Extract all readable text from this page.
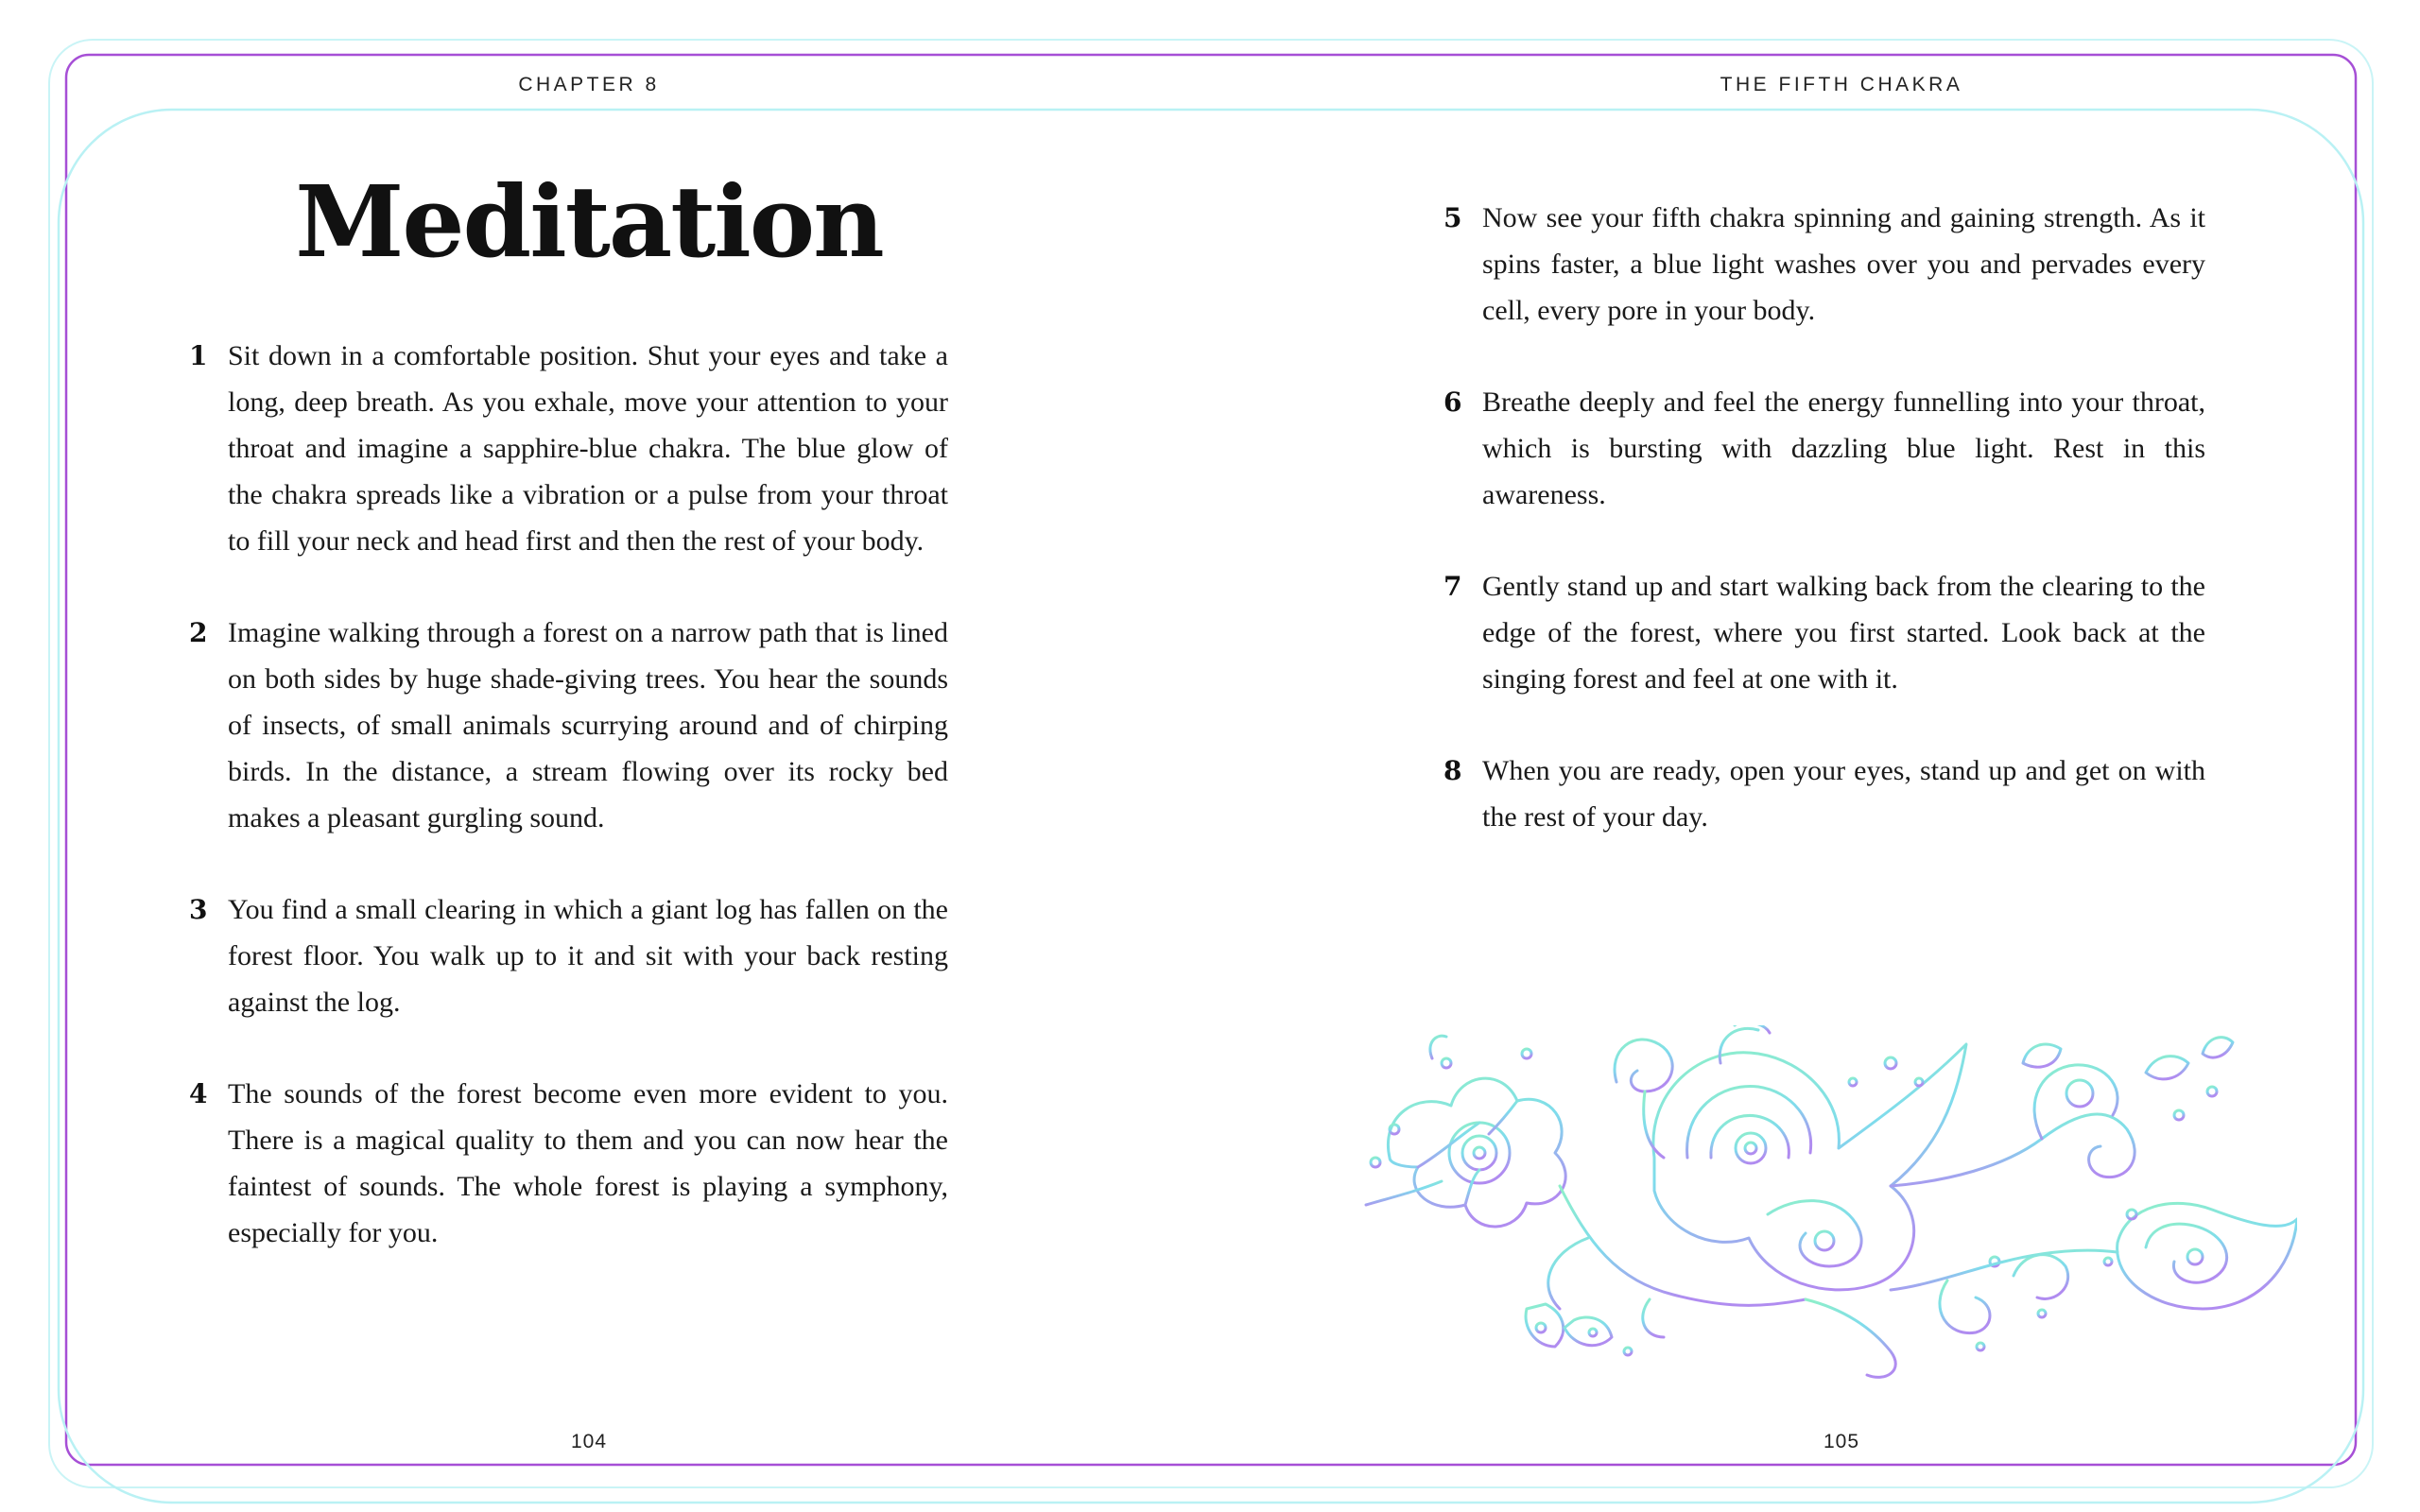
CHAPTER 8	THE FIFTH CHAKRA
Meditation
1 Sit down in a comfortable position. Shut your eyes and take a long, deep breath. As you exhale, move your attention to your throat and imagine a sapphire-blue chakra. The blue glow of the chakra spreads like a vibration or a pulse from your throat to fill your neck and head first and then the rest of your body.

2 Imagine walking through a forest on a narrow path that is lined on both sides by huge shade-giving trees. You hear the sounds of insects, of small animals scurrying around and of chirping birds. In the distance, a stream flowing over its rocky bed makes a pleasant gurgling sound.

3 You find a small clearing in which a giant log has fallen on the forest floor. You walk up to it and sit with your back resting against the log.

4 The sounds of the forest become even more evident to you. There is a magical quality to them and you can now hear the faintest of sounds. The whole forest is playing a symphony, especially for you.

5 Now see your fifth chakra spinning and gaining strength. As it spins faster, a blue light washes over you and pervades every cell, every pore in your body.

6 Breathe deeply and feel the energy funnelling into your throat, which is bursting with dazzling blue light. Rest in this awareness.

7 Gently stand up and start walking back from the clearing to the edge of the forest, where you first started. Look back at the singing forest and feel at one with it.

8 When you are ready, open your eyes, stand up and get on with the rest of your day.

104	105
